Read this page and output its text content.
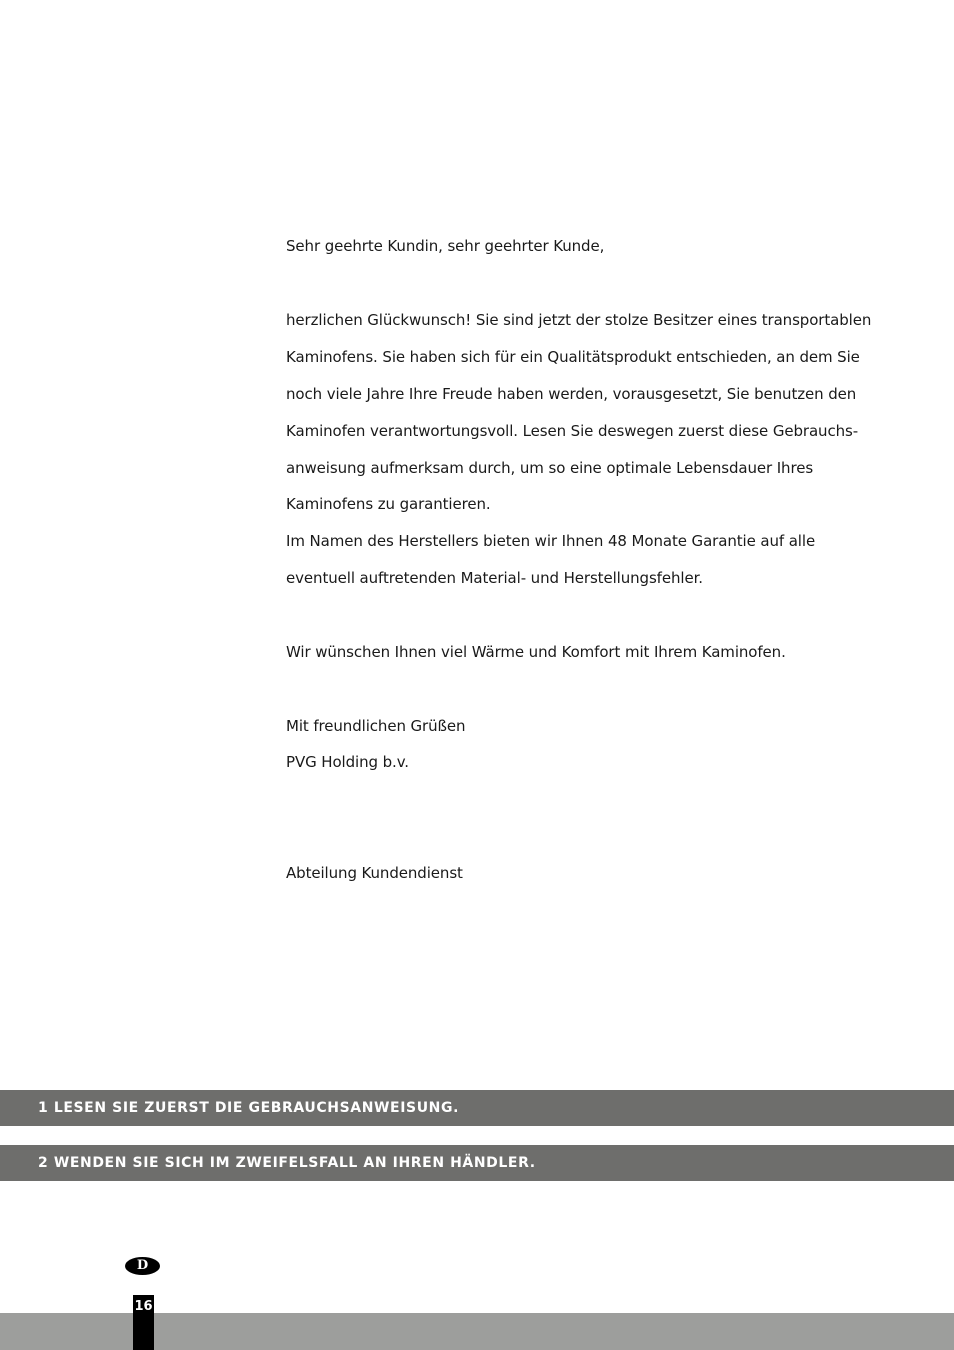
Sehr geehrte Kundin, sehr geehrter Kunde,
herzlichen Glückwunsch! Sie sind jetzt der stolze Besitzer eines transportablen
Kaminofens. Sie haben sich für ein Qualitätsprodukt entschieden, an dem Sie
noch viele Jahre Ihre Freude haben werden, vorausgesetzt, Sie benutzen den
Kaminofen verantwortungsvoll. Lesen Sie deswegen zuerst diese Gebrauchs-
anweisung aufmerksam durch, um so eine optimale Lebensdauer Ihres
Kaminofens zu garantieren.
Im Namen des Herstellers bieten wir Ihnen 48 Monate Garantie auf alle
eventuell auftretenden Material- und Herstellungsfehler.
Wir wünschen Ihnen viel Wärme und Komfort mit Ihrem Kaminofen.
Mit freundlichen Grüßen
PVG Holding b.v.
Abteilung Kundendienst
1 LESEN SIE ZUERST DIE GEBRAUCHSANWEISUNG.
2 WENDEN SIE SICH IM ZWEIFELSFALL AN IHREN HÄNDLER.
D
16
